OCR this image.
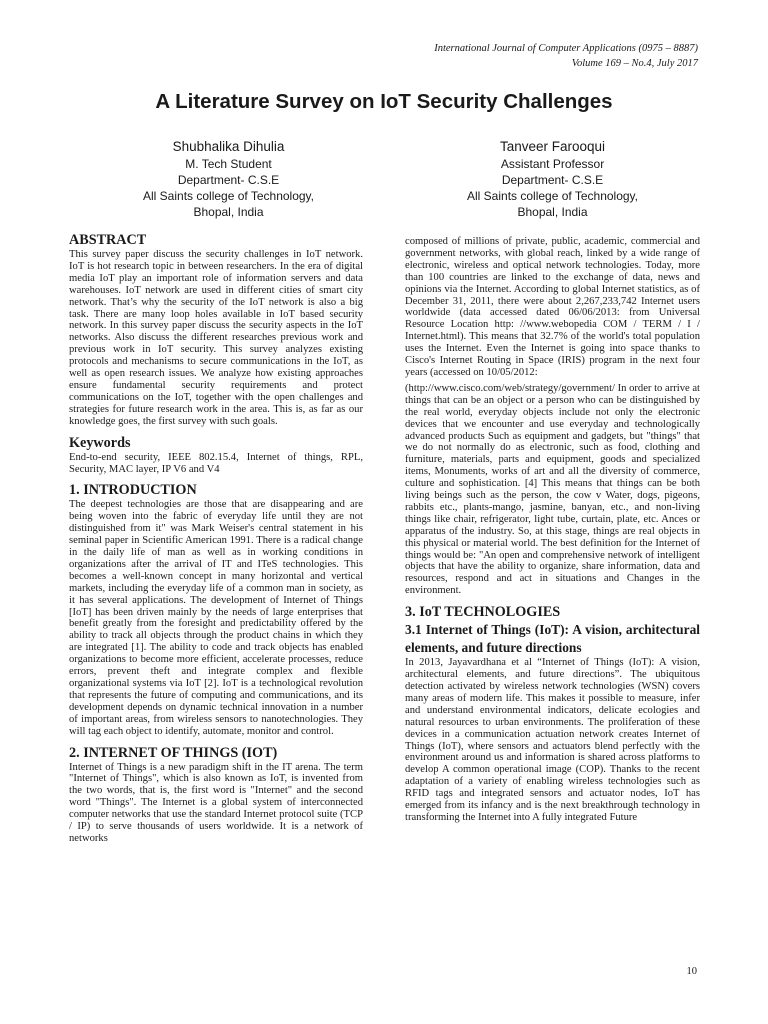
International Journal of Computer Applications (0975 – 8887)
Volume 169 – No.4, July 2017
A Literature Survey on IoT Security Challenges
Shubhalika Dihulia
M. Tech Student
Department- C.S.E
All Saints college of Technology,
Bhopal, India
Tanveer Farooqui
Assistant Professor
Department- C.S.E
All Saints college of Technology,
Bhopal, India
ABSTRACT

This survey paper discuss the security challenges in IoT network. IoT is hot research topic in between researchers. In the era of digital media IoT play an important role of information servers and data warehouses. IoT network are used in different cities of smart city network. That’s why the security of the IoT network is also a big task. There are many loop holes available in IoT based security network. In this survey paper discuss the security aspects in the IoT networks. Also discuss the different researches previous work and previous work in IoT security. This survey analyzes existing protocols and mechanisms to secure communications in the IoT, as well as open research issues. We analyze how existing approaches ensure fundamental security requirements and protect communications on the IoT, together with the open challenges and strategies for future research work in the area. This is, as far as our knowledge goes, the first survey with such goals.

Keywords

End-to-end security, IEEE 802.15.4, Internet of things, RPL, Security, MAC layer, IP V6 and V4

1. INTRODUCTION

The deepest technologies are those that are disappearing and are being woven into the fabric of everyday life until they are not distinguished from it" was Mark Weiser's central statement in his seminal paper in Scientific American 1991. There is a radical change in the daily life of man as well as in working conditions in organizations after the arrival of IT and ITeS technologies. This becomes a well-known concept in many horizontal and vertical markets, including the everyday life of a common man in society, as it has several applications. The development of Internet of Things [IoT] has been driven mainly by the needs of large enterprises that benefit greatly from the foresight and predictability offered by the ability to track all objects through the product chains in which they are integrated [1]. The ability to code and track objects has enabled organizations to become more efficient, accelerate processes, reduce errors, prevent theft and integrate complex and flexible organizational systems via IoT [2]. IoT is a technological revolution that represents the future of computing and communications, and its development depends on dynamic technical innovation in a number of important areas, from wireless sensors to nanotechnologies. They will tag each object to identify, automate, monitor and control.

2. INTERNET OF THINGS (IOT)

Internet of Things is a new paradigm shift in the IT arena. The term "Internet of Things", which is also known as IoT, is invented from the two words, that is, the first word is "Internet" and the second word "Things". The Internet is a global system of interconnected computer networks that use the standard Internet protocol suite (TCP / IP) to serve thousands of users worldwide. It is a network of networks

composed of millions of private, public, academic, commercial and government networks, with global reach, linked by a wide range of electronic, wireless and optical network technologies. Today, more than 100 countries are linked to the exchange of data, news and opinions via the Internet. According to global Internet statistics, as of December 31, 2011, there were about 2,267,233,742 Internet users worldwide (data accessed dated 06/06/2013: from Universal Resource Location http: //www.webopedia COM / TERM / I / Internet.html). This means that 32.7% of the world's total population uses the Internet. Even the Internet is going into space thanks to Cisco's Internet Routing in Space (IRIS) program in the next four years (accessed on 10/05/2012:

(http://www.cisco.com/web/strategy/government/ In order to arrive at things that can be an object or a person who can be distinguished by the real world, everyday objects include not only the electronic devices that we encounter and use everyday and technologically advanced products Such as equipment and gadgets, but "things" that we do not normally do as electronic, such as food, clothing and furniture, materials, parts and equipment, goods and specialized items, Monuments, works of art and all the diversity of commerce, culture and sophistication. [4] This means that things can be both living beings such as the person, the cow v Water, dogs, pigeons, rabbits etc., plants-mango, jasmine, banyan, etc., and non-living things like chair, refrigerator, light tube, curtain, plate, etc. Ances or apparatus of the industry. So, at this stage, things are real objects in this physical or material world. The best definition for the Internet of things would be: "An open and comprehensive network of intelligent objects that have the ability to organize, share information, data and resources, respond and act in situations and Changes in the environment.

3. IoT TECHNOLOGIES
3.1 Internet of Things (IoT): A vision, architectural elements, and future directions

In 2013, Jayavardhana et al “Internet of Things (IoT): A vision, architectural elements, and future directions”. The ubiquitous detection activated by wireless network technologies (WSN) covers many areas of modern life. This makes it possible to measure, infer and understand environmental indicators, delicate ecologies and natural resources to urban environments. The proliferation of these devices in a communication actuation network creates Internet of Things (IoT), where sensors and actuators blend perfectly with the environment around us and information is shared across platforms to develop A common operational image (COP). Thanks to the recent adaptation of a variety of enabling wireless technologies such as RFID tags and integrated sensors and actuator nodes, IoT has emerged from its infancy and is the next breakthrough technology in transforming the Internet into A fully integrated Future

10
